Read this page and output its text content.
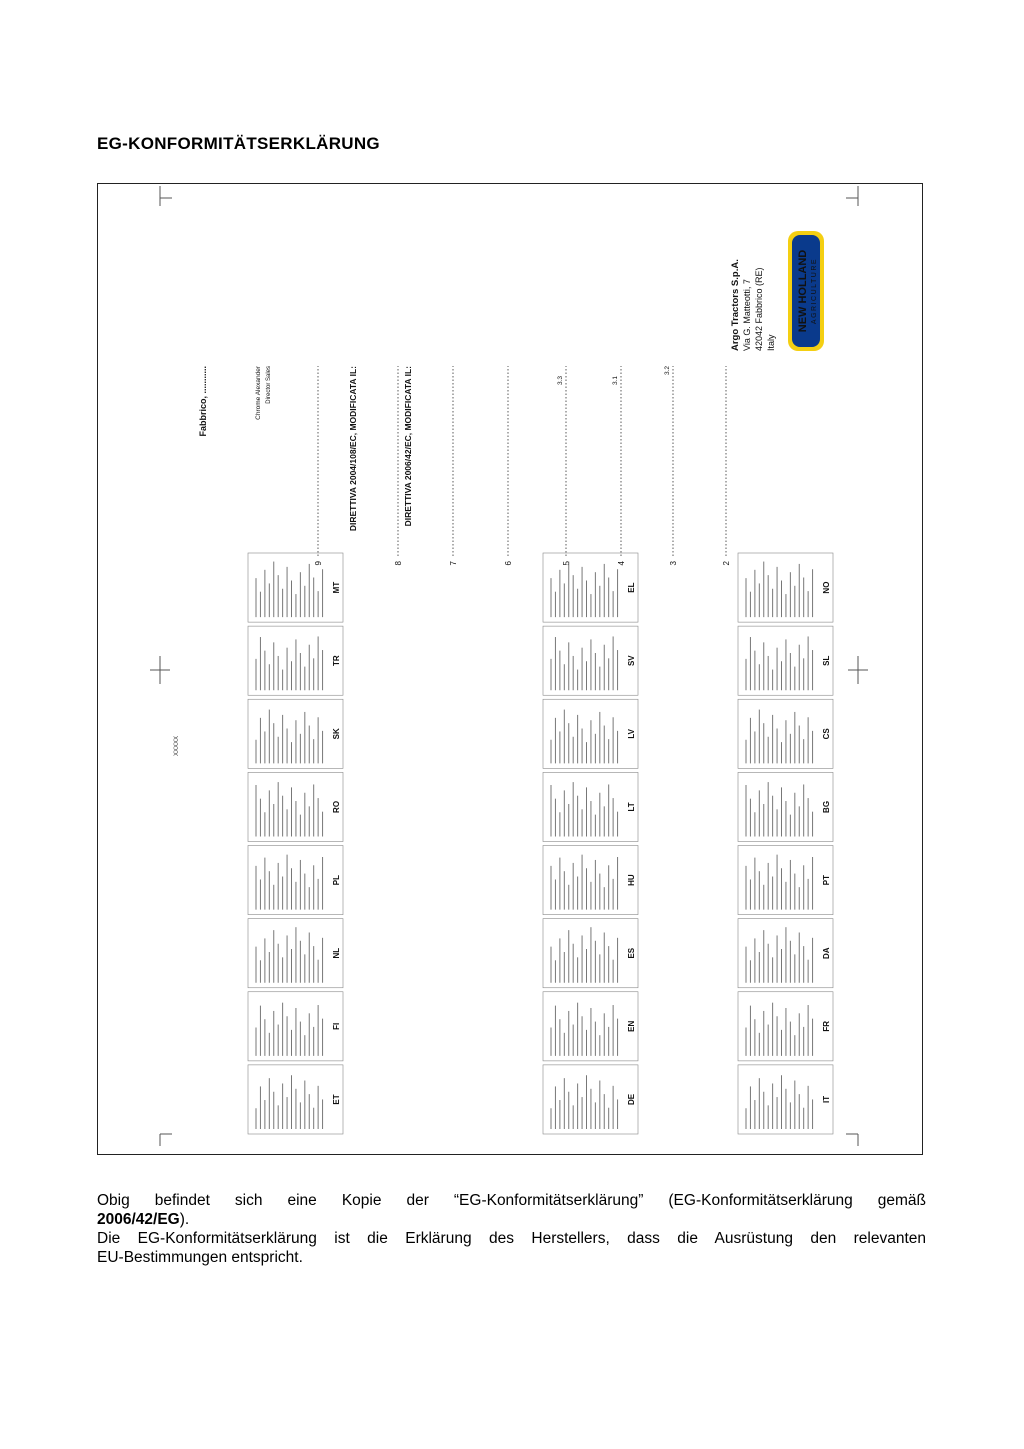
EG-KONFORMITÄTSERKLÄRUNG
NEW HOLLAND AGRICULTURE
Argo Tractors S.p.A. Via G. Matteotti, 7 42042 Fabbrico (RE) Italy
2
3
4
5
6
7
8
9
3.2
3.1
3.3
DIRETTIVA 2006/42/EC, MODIFICATA IL:
DIRETTIVA 2004/108/EC, MODIFICATA IL:
Chrome Alexander Director Sales
Fabbrico, ...........
IT
FR
DA
PT
BG
CS
SL
NO
DE
EN
ES
HU
LT
LV
SV
EL
ET
FI
NL
PL
RO
SK
TR
MT
XXXXX

Obig befindet sich eine Kopie der “EG-Konformitätserklärung” (EG-Konformitätserklärung gemäß

2006/42/EG).

Die EG-Konformitätserklärung ist die Erklärung des Herstellers, dass die Ausrüstung den relevanten

EU-Bestimmungen entspricht.
